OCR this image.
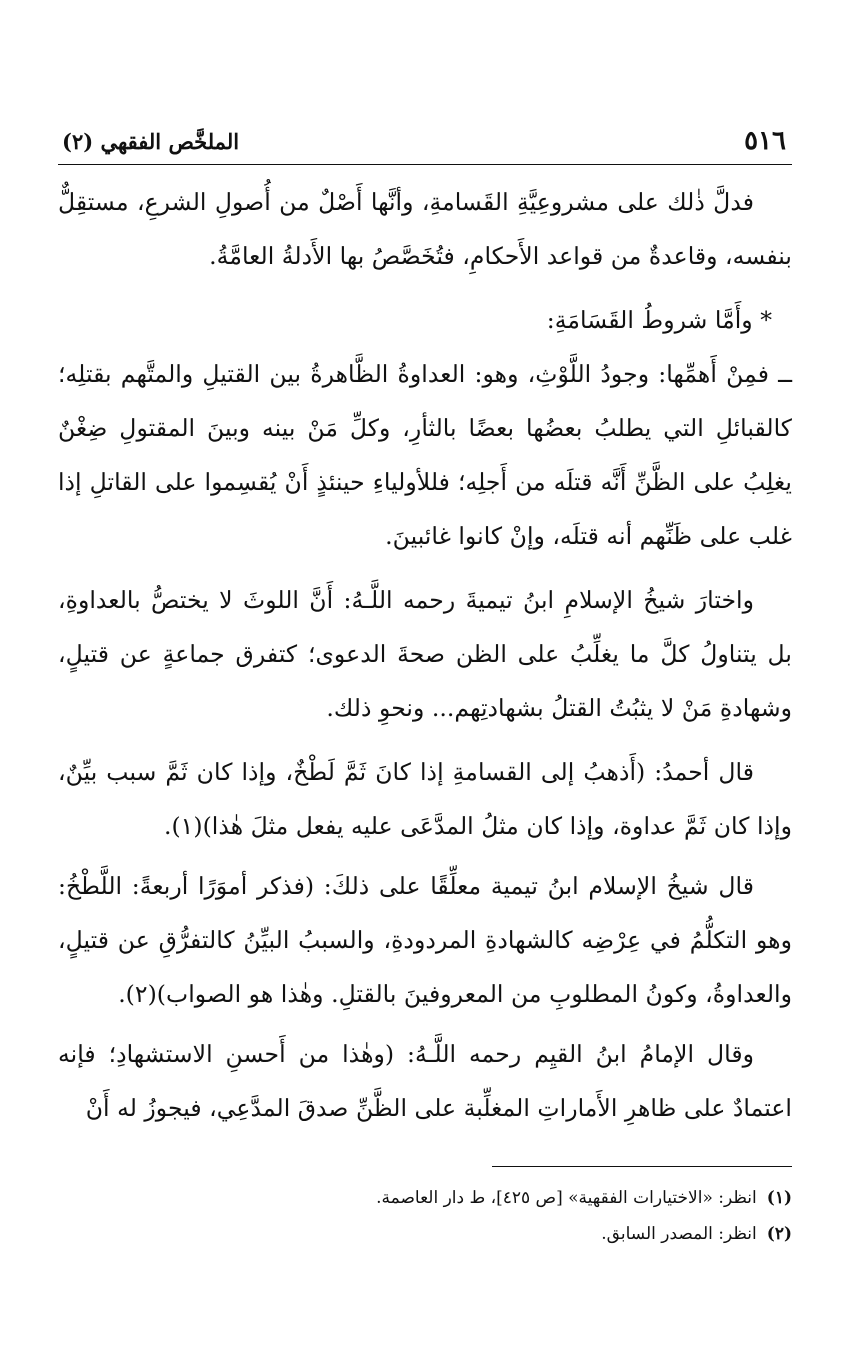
٥١٦
الملخَّص الفقهي (٢)

فدلَّ ذٰلك على مشروعِيَّةِ القَسامةِ، وأنَّها أَصْلٌ من أُصولِ الشرعِ، مستقِلٌّ بنفسه، وقاعدةٌ من قواعد الأَحكامِ، فتُخَصَّصُ بها الأَدلةُ العامَّةُ.

* وأَمَّا شروطُ القَسَامَةِ:

ــ فمِنْ أَهمِّها: وجودُ اللَّوْثِ، وهو: العداوةُ الظَّاهرةُ بين القتيلِ والمتَّهم بقتلِه؛ كالقبائلِ التي يطلبُ بعضُها بعضًا بالثأرِ، وكلِّ مَنْ بينه وبينَ المقتولِ ضِغْنٌ يغلِبُ على الظَّنِّ أَنَّه قتلَه من أَجلِه؛ فللأولياءِ حينئذٍ أَنْ يُقسِموا على القاتلِ إذا غلب على ظَنِّهم أنه قتلَه، وإنْ كانوا غائبينَ.

واختارَ شيخُ الإسلامِ ابنُ تيميةَ رحمه اللَّـهُ: أَنَّ اللوثَ لا يختصُّ بالعداوةِ، بل يتناولُ كلَّ ما يغلِّبُ على الظن صحةَ الدعوى؛ كتفرق جماعةٍ عن قتيلٍ، وشهادةِ مَنْ لا يثبُتُ القتلُ بشهادتِهم... ونحوِ ذلك.

قال أحمدُ: (أَذهبُ إلى القسامةِ إذا كانَ ثَمَّ لَطْخٌ، وإذا كان ثَمَّ سبب بيِّنٌ، وإذا كان ثَمَّ عداوة، وإذا كان مثلُ المدَّعَى عليه يفعل مثلَ هٰذا)(١).

قال شيخُ الإسلام ابنُ تيمية معلِّقًا على ذلكَ: (فذكر أموَرًا أربعةً: اللَّطْخُ: وهو التكلُّمُ في عِرْضِه كالشهادةِ المردودةِ، والسببُ البيِّنُ كالتفرُّقِ عن قتيلٍ، والعداوةُ، وكونُ المطلوبِ من المعروفينَ بالقتلِ. وهٰذا هو الصواب)(٢).

وقال الإمامُ ابنُ القيِم رحمه اللَّـهُ: (وهٰذا من أَحسنِ الاستشهادِ؛ فإنه اعتمادٌ على ظاهرِ الأَماراتِ المغلِّبة على الظَّنِّ صدقَ المدَّعِي، فيجوزُ له أَنْ

(١)
انظر: «الاختيارات الفقهية» [ص ٤٢٥]، ط دار العاصمة.
(٢)
انظر: المصدر السابق.
